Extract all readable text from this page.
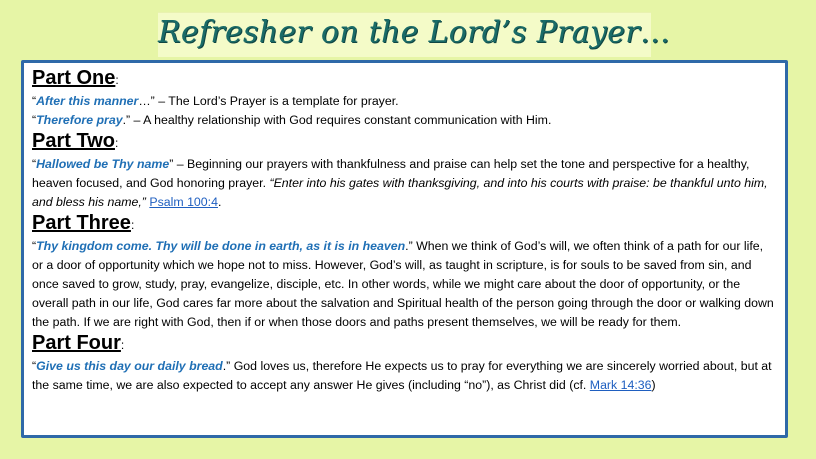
Refresher on the Lord’s Prayer…

Part One:

“After this manner…” – The Lord’s Prayer is a template for prayer.

“Therefore pray.” – A healthy relationship with God requires constant communication with Him.

Part Two:

“Hallowed be Thy name” – Beginning our prayers with thankfulness and praise can help set the tone and perspective for a healthy, heaven focused, and God honoring prayer. “Enter into his gates with thanksgiving, and into his courts with praise: be thankful unto him, and bless his name,” Psalm 100:4.

Part Three:

“Thy kingdom come. Thy will be done in earth, as it is in heaven.” When we think of God’s will, we often think of a path for our life, or a door of opportunity which we hope not to miss. However, God’s will, as taught in scripture, is for souls to be saved from sin, and once saved to grow, study, pray, evangelize, disciple, etc. In other words, while we might care about the door of opportunity, or the overall path in our life, God cares far more about the salvation and Spiritual health of the person going through the door or walking down the path. If we are right with God, then if or when those doors and paths present themselves, we will be ready for them.

Part Four:

“Give us this day our daily bread.” God loves us, therefore He expects us to pray for everything we are sincerely worried about, but at the same time, we are also expected to accept any answer He gives (including “no”), as Christ did (cf. Mark 14:36)
